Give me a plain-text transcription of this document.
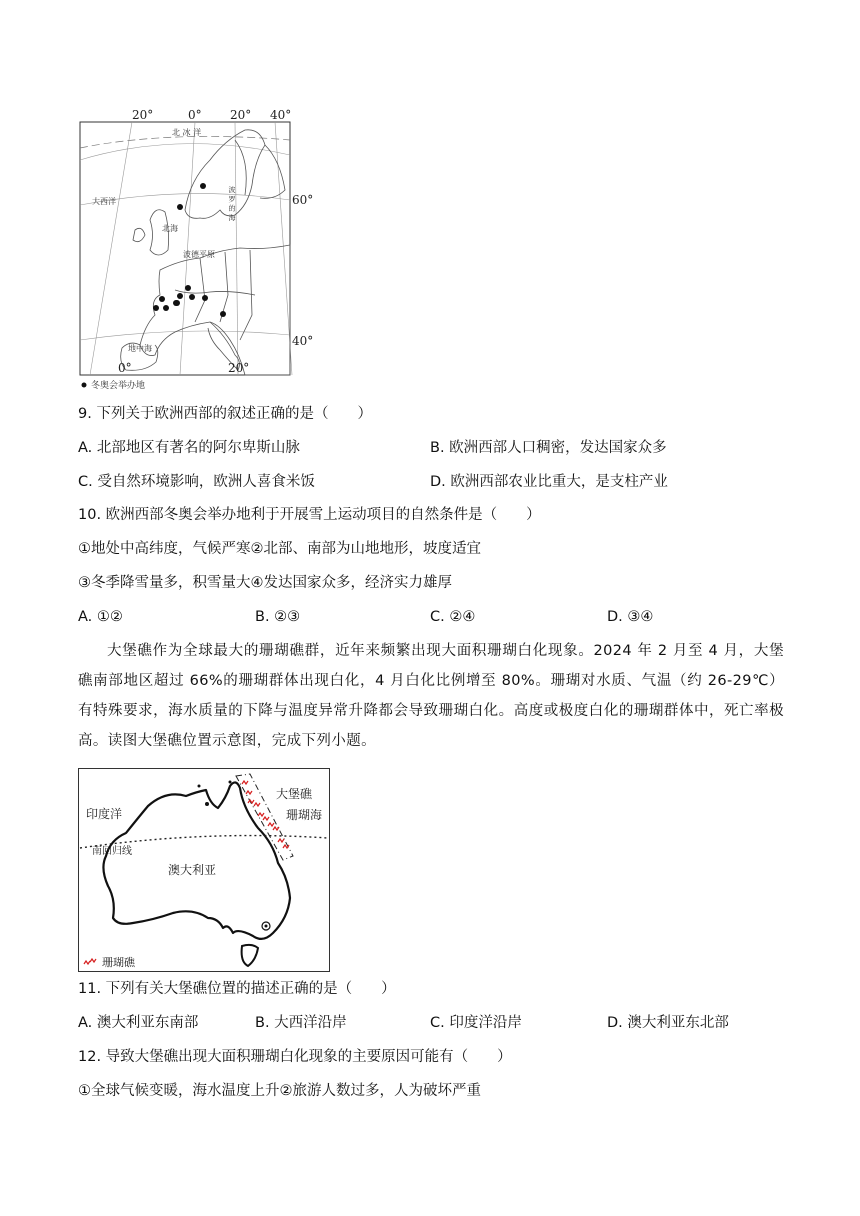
20°	0° 20° 40°
北 冰 洋
大西洋
北海
波 罗 的 海
波德平原
地中海
60°
40°
0°	20°
冬奥会举办地
9. 下列关于欧洲西部的叙述正确的是（　　）
A. 北部地区有著名的阿尔卑斯山脉	B. 欧洲西部人口稠密，发达国家众多
C. 受自然环境影响，欧洲人喜食米饭	D. 欧洲西部农业比重大，是支柱产业
10. 欧洲西部冬奥会举办地利于开展雪上运动项目的自然条件是（　　）
①地处中高纬度，气候严寒②北部、南部为山地地形，坡度适宜
③冬季降雪量多，积雪量大④发达国家众多，经济实力雄厚
A. ①②	B. ②③	C. ②④	D. ③④
大堡礁作为全球最大的珊瑚礁群，近年来频繁出现大面积珊瑚白化现象。2024 年 2 月至 4 月，大堡礁南部地区超过 66%的珊瑚群体出现白化，4 月白化比例增至 80%。珊瑚对水质、气温（约 26-29℃）有特殊要求，海水质量的下降与温度异常升降都会导致珊瑚白化。高度或极度白化的珊瑚群体中，死亡率极高。读图大堡礁位置示意图，完成下列小题。
印度洋
大堡礁
珊瑚海
南回归线
澳大利亚
珊瑚礁
11. 下列有关大堡礁位置的描述正确的是（　　）
A. 澳大利亚东南部	B. 大西洋沿岸	C. 印度洋沿岸	D. 澳大利亚东北部
12. 导致大堡礁出现大面积珊瑚白化现象的主要原因可能有（　　）
①全球气候变暖，海水温度上升②旅游人数过多，人为破坏严重
